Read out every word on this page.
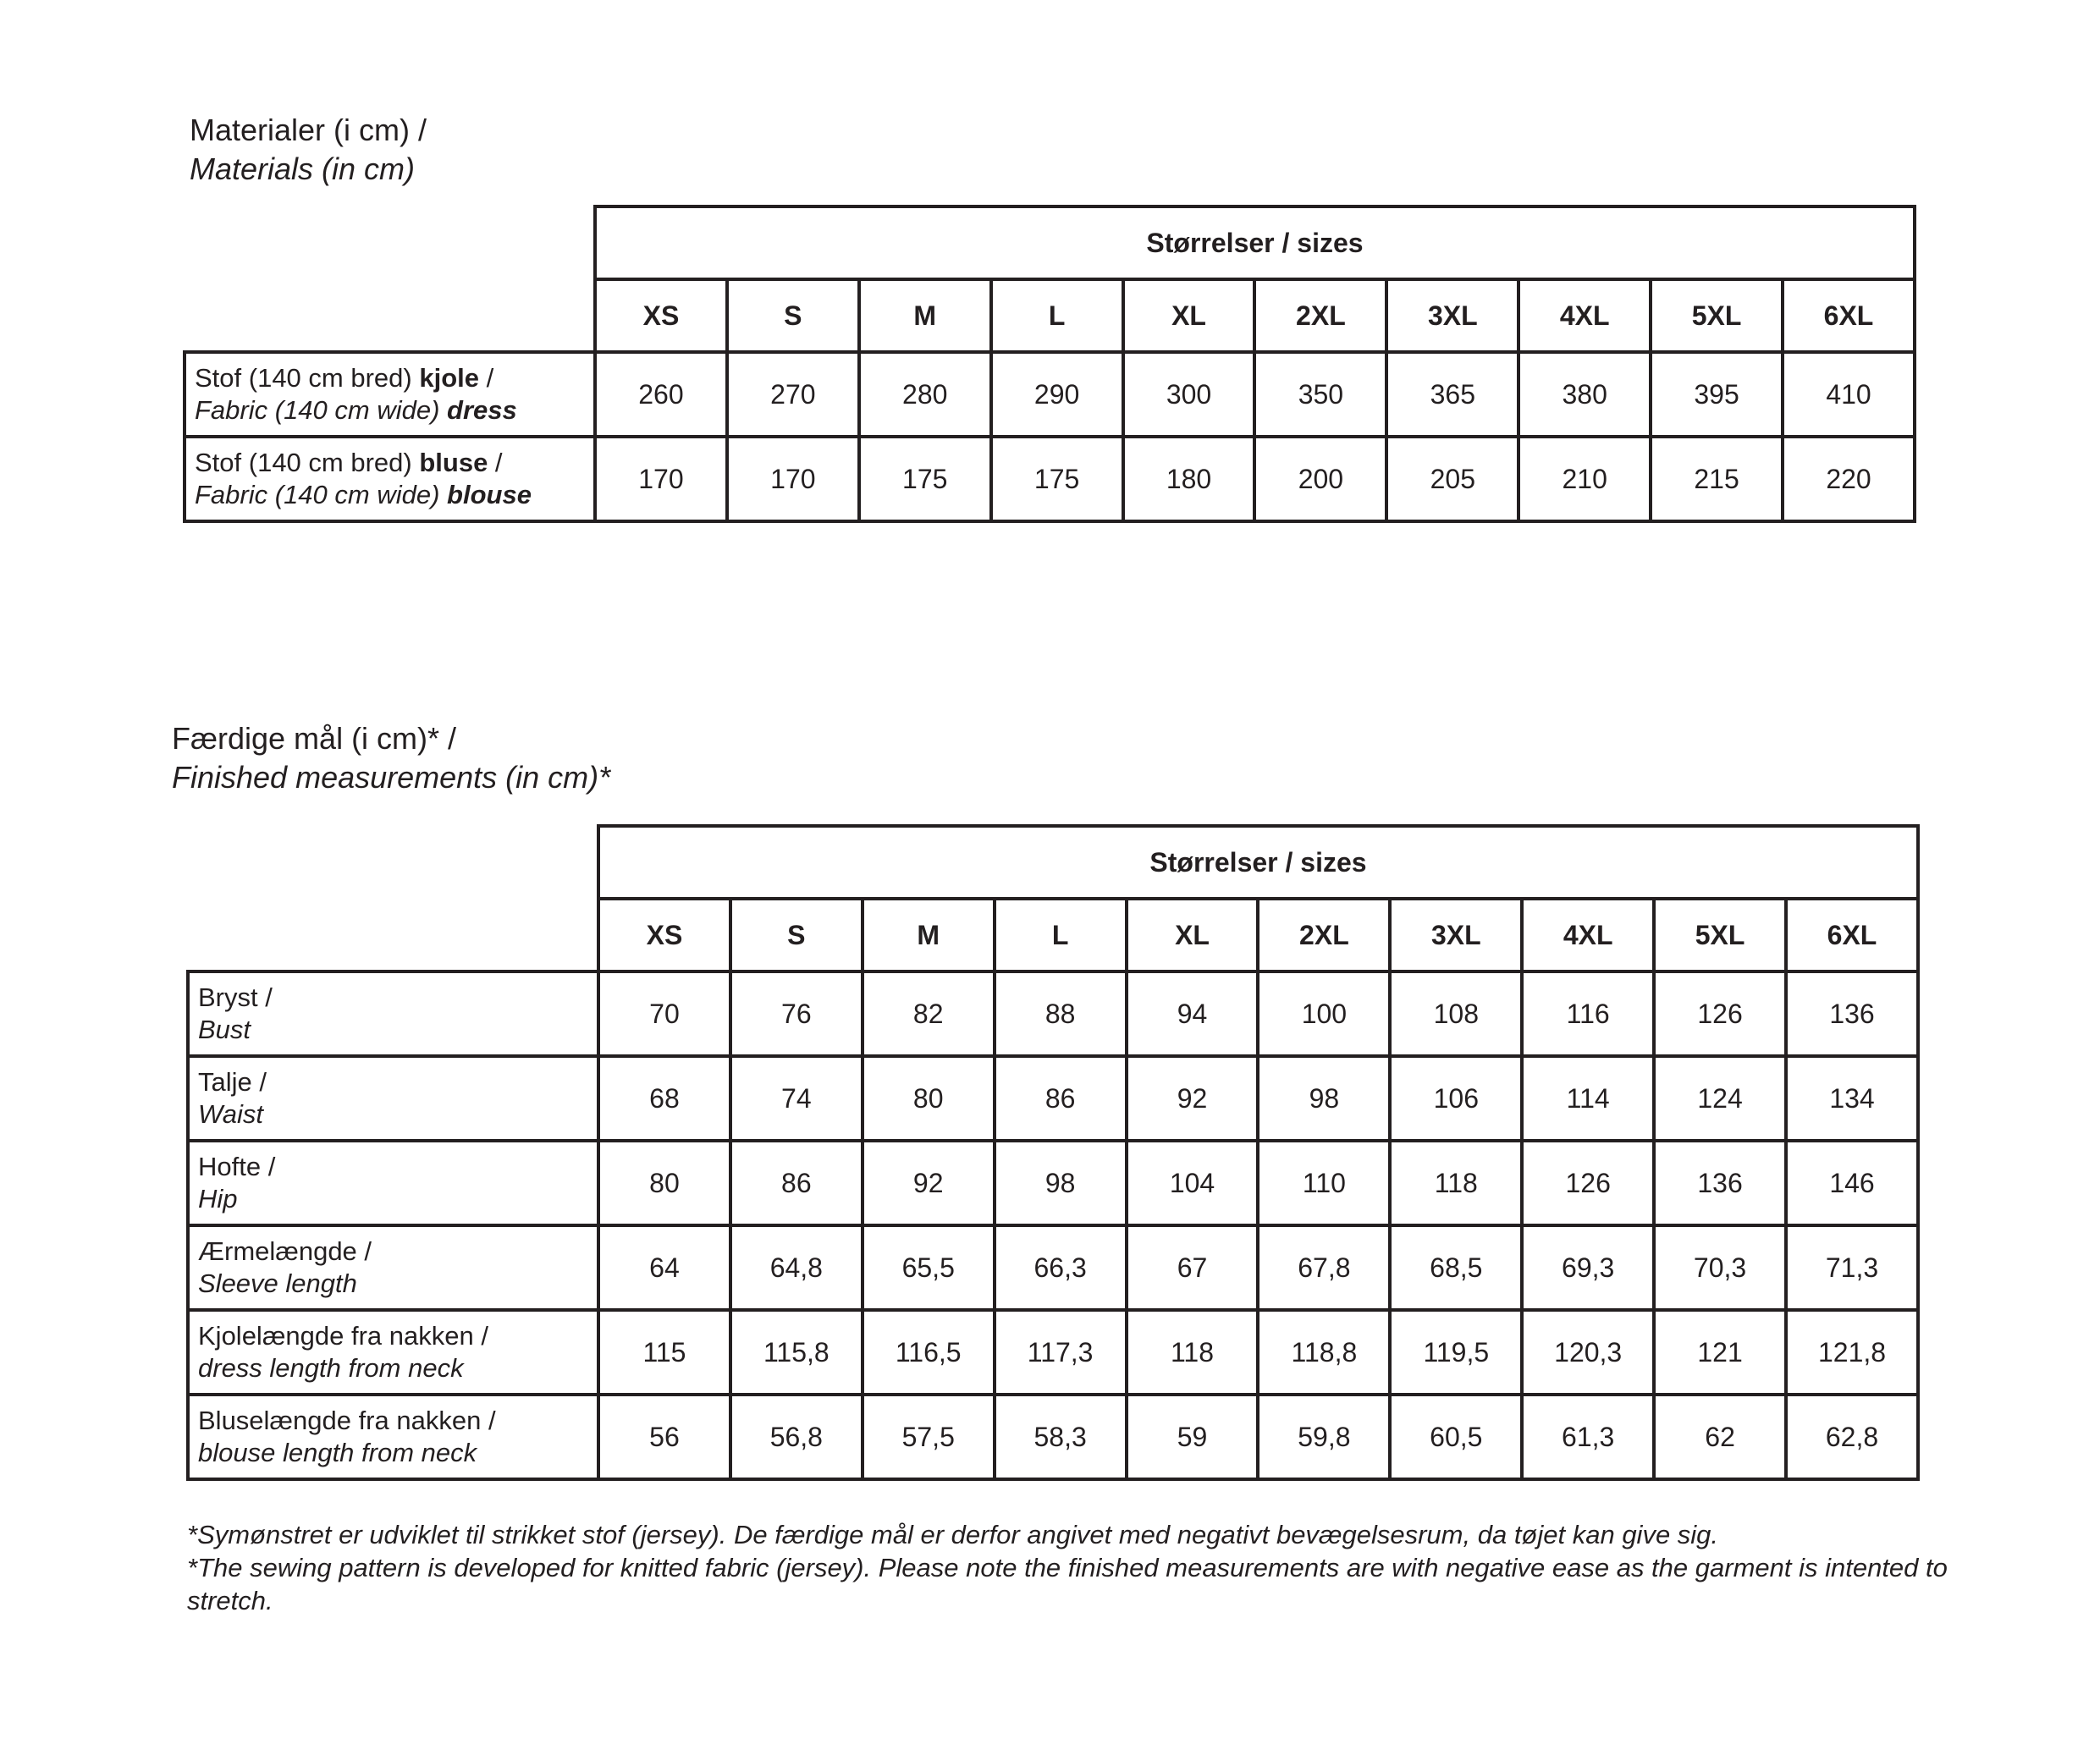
Materialer (i cm) /
Materials (in cm)
	Størrelser / sizes									
	XS	S	M	L	XL	2XL	3XL	4XL	5XL	6XL

Stof (140 cm bred) kjole /
Fabric (140 cm wide) dress	260	270	280	290	300	350	365	380	395	410

Stof (140 cm bred) bluse /
Fabric (140 cm wide) blouse	170	170	175	175	180	200	205	210	215	220
Færdige mål (i cm)* /
Finished measurements (in cm)*
	Størrelser / sizes									
	XS	S	M	L	XL	2XL	3XL	4XL	5XL	6XL

Bryst /
Bust	70	76	82	88	94	100	108	116	126	136

Talje /
Waist	68	74	80	86	92	98	106	114	124	134

Hofte /
Hip	80	86	92	98	104	110	118	126	136	146

Ærmelængde /
Sleeve length	64	64,8	65,5	66,3	67	67,8	68,5	69,3	70,3	71,3

Kjolelængde fra nakken /
dress length from neck	115	115,8	116,5	117,3	118	118,8	119,5	120,3	121	121,8

Bluselængde fra nakken /
blouse length from neck	56	56,8	57,5	58,3	59	59,8	60,5	61,3	62	62,8

*Symønstret er udviklet til strikket stof (jersey). De færdige mål er derfor angivet med negativt bevægelsesrum, da tøjet kan give sig.

*The sewing pattern is developed for knitted fabric (jersey). Please note the finished measurements are with negative ease as the garment is intented to stretch.
